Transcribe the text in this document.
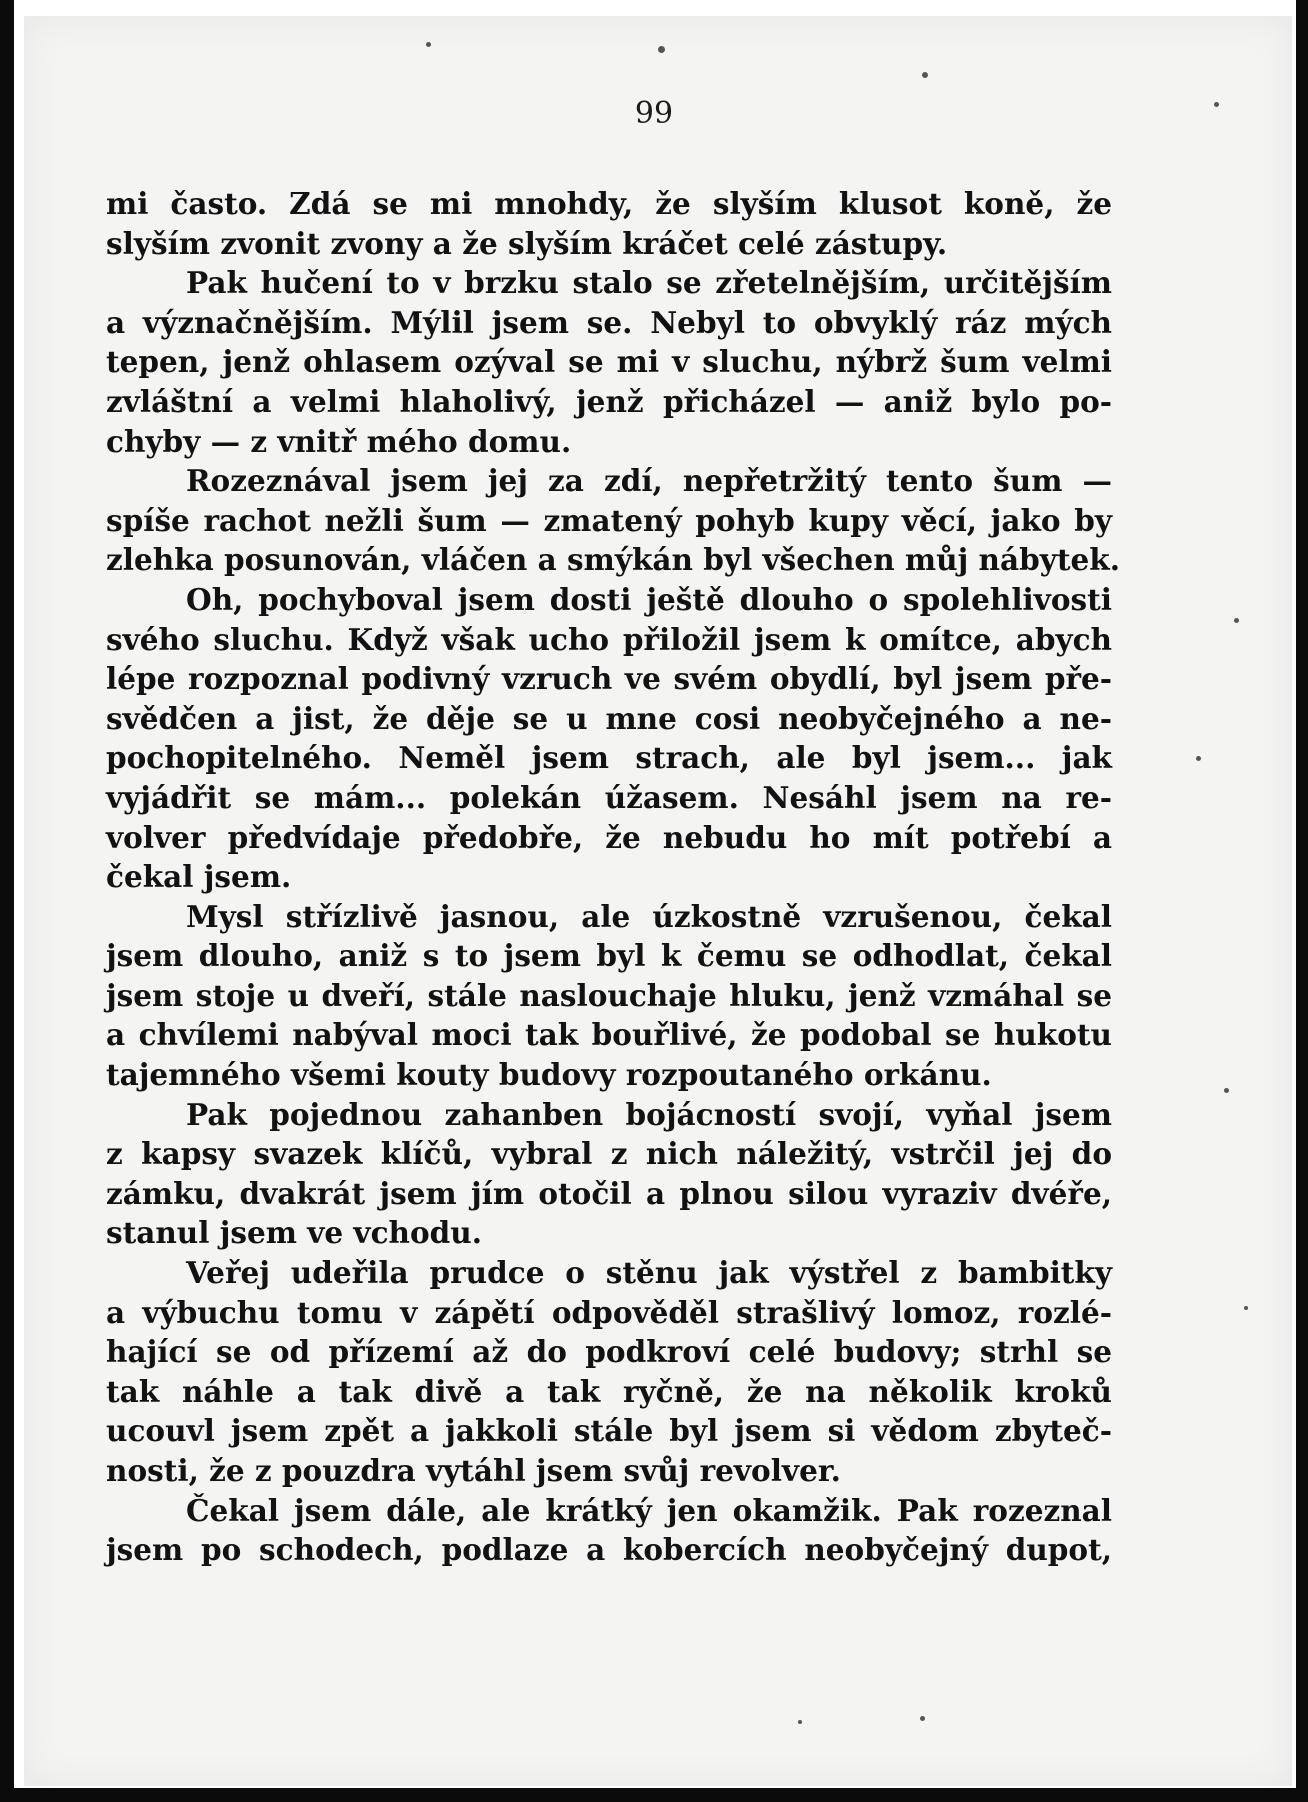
99
mi často. Zdá se mi mnohdy, že slyším klusot koně, že
slyším zvonit zvony a že slyším kráčet celé zástupy.
Pak hučení to v brzku stalo se zřetelnějším, určitějším
a význačnějším. Mýlil jsem se. Nebyl to obvyklý ráz mých
tepen, jenž ohlasem ozýval se mi v sluchu, nýbrž šum velmi
zvláštní a velmi hlaholivý, jenž přicházel — aniž bylo po-
chyby — z vnitř mého domu.
Rozeznával jsem jej za zdí, nepřetržitý tento šum —
spíše rachot nežli šum — zmatený pohyb kupy věcí, jako by
zlehka posunován, vláčen a smýkán byl všechen můj nábytek.
Oh, pochyboval jsem dosti ještě dlouho o spolehlivosti
svého sluchu. Když však ucho přiložil jsem k omítce, abych
lépe rozpoznal podivný vzruch ve svém obydlí, byl jsem pře-
svědčen a jist, že děje se u mne cosi neobyčejného a ne-
pochopitelného. Neměl jsem strach, ale byl jsem... jak
vyjádřit se mám... polekán úžasem. Nesáhl jsem na re-
volver předvídaje předobře, že nebudu ho mít potřebí a
čekal jsem.
Mysl střízlivě jasnou, ale úzkostně vzrušenou, čekal
jsem dlouho, aniž s to jsem byl k čemu se odhodlat, čekal
jsem stoje u dveří, stále naslouchaje hluku, jenž vzmáhal se
a chvílemi nabýval moci tak bouřlivé, že podobal se hukotu
tajemného všemi kouty budovy rozpoutaného orkánu.
Pak pojednou zahanben bojácností svojí, vyňal jsem
z kapsy svazek klíčů, vybral z nich náležitý, vstrčil jej do
zámku, dvakrát jsem jím otočil a plnou silou vyraziv dvéře,
stanul jsem ve vchodu.
Veřej udeřila prudce o stěnu jak výstřel z bambitky
a výbuchu tomu v zápětí odpověděl strašlivý lomoz, rozlé-
hající se od přízemí až do podkroví celé budovy; strhl se
tak náhle a tak divě a tak ryčně, že na několik kroků
ucouvl jsem zpět a jakkoli stále byl jsem si vědom zbyteč-
nosti, že z pouzdra vytáhl jsem svůj revolver.
Čekal jsem dále, ale krátký jen okamžik. Pak rozeznal
jsem po schodech, podlaze a kobercích neobyčejný dupot,
